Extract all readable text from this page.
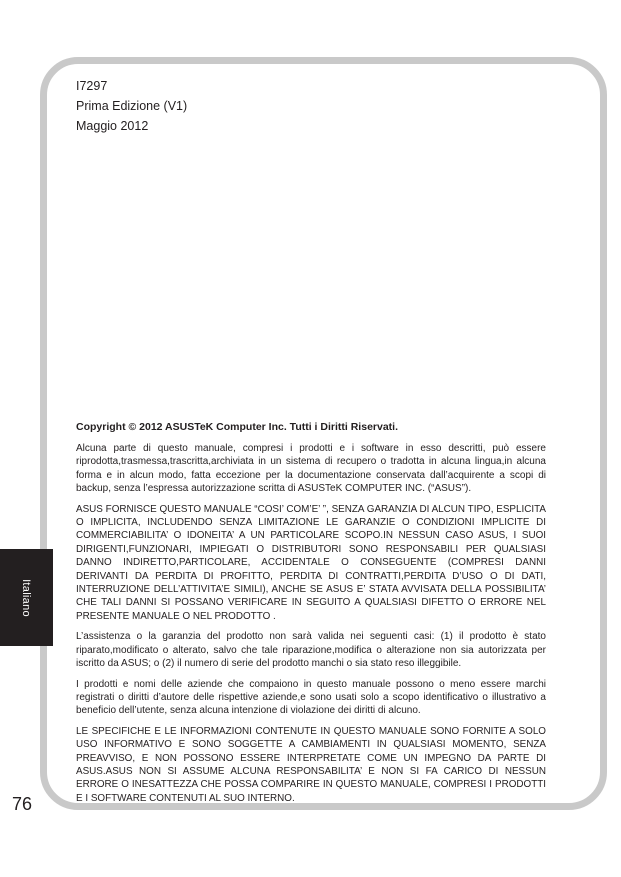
I7297
Prima Edizione (V1)
Maggio 2012

Copyright © 2012 ASUSTeK Computer Inc. Tutti i Diritti Riservati.

Alcuna parte di questo manuale, compresi i prodotti e i software in esso descritti, può essere riprodotta,trasmessa,trascritta,archiviata in un sistema di recupero o tradotta in alcuna lingua,in alcuna forma e in alcun modo, fatta eccezione per la documentazione conservata dall’acquirente a scopi di backup, senza l’espressa autorizzazione scritta di ASUSTeK COMPUTER INC. (“ASUS”).

ASUS FORNISCE QUESTO MANUALE “COSI’ COM’E’ ”, SENZA GARANZIA DI ALCUN TIPO, ESPLICITA O IMPLICITA, INCLUDENDO SENZA LIMITAZIONE LE GARANZIE O CONDIZIONI IMPLICITE DI COMMERCIABILITA’ O IDONEITA’ A UN PARTICOLARE SCOPO.IN NESSUN CASO ASUS, I SUOI DIRIGENTI,FUNZIONARI, IMPIEGATI O DISTRIBUTORI SONO RESPONSABILI PER QUALSIASI DANNO INDIRETTO,PARTICOLARE, ACCIDENTALE O CONSEGUENTE (COMPRESI DANNI DERIVANTI DA PERDITA DI PROFITTO, PERDITA DI CONTRATTI,PERDITA D’USO O DI DATI, INTERRUZIONE DELL’ATTIVITA’E SIMILI), ANCHE SE ASUS E’ STATA AVVISATA DELLA POSSIBILITA’ CHE TALI DANNI SI POSSANO VERIFICARE IN SEGUITO A QUALSIASI DIFETTO O ERRORE NEL PRESENTE MANUALE O NEL PRODOTTO .

L’assistenza o la garanzia del prodotto non sarà valida nei seguenti casi: (1) il prodotto è stato riparato,modificato o alterato, salvo che tale riparazione,modifica o alterazione non sia autorizzata per iscritto da ASUS; o (2) il numero di serie del prodotto manchi o sia stato reso illeggibile.

I prodotti e nomi delle aziende che compaiono in questo manuale possono o meno essere marchi registrati o diritti d’autore delle rispettive aziende,e sono usati solo a scopo identificativo o illustrativo a beneficio dell’utente, senza alcuna intenzione di violazione dei diritti di alcuno.

LE SPECIFICHE E LE INFORMAZIONI CONTENUTE IN QUESTO MANUALE SONO FORNITE A SOLO USO INFORMATIVO E SONO SOGGETTE A CAMBIAMENTI IN QUALSIASI MOMENTO, SENZA PREAVVISO, E NON POSSONO ESSERE INTERPRETATE COME UN IMPEGNO DA PARTE DI ASUS.ASUS NON SI ASSUME ALCUNA RESPONSABILITA’ E NON SI FA CARICO DI NESSUN ERRORE O INESATTEZZA CHE POSSA COMPARIRE IN QUESTO MANUALE, COMPRESI I PRODOTTI E I SOFTWARE CONTENUTI AL SUO INTERNO.

Italiano
76
